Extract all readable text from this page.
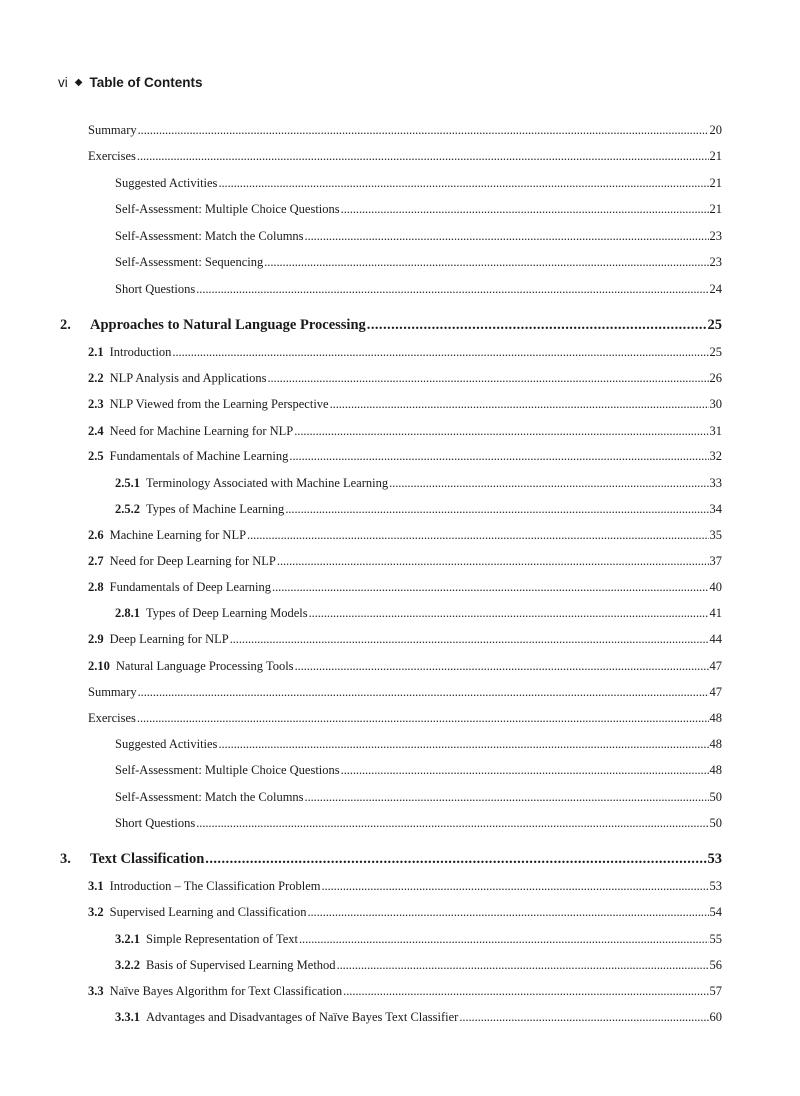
vi ◆ Table of Contents
Summary . . .	20
Exercises . . .	21
Suggested Activities . . .	21
Self-Assessment: Multiple Choice Questions . . .	21
Self-Assessment: Match the Columns . . .	23
Self-Assessment: Sequencing . . .	23
Short Questions . . .	24
2. Approaches to Natural Language Processing . . .	25
2.1 Introduction . . .	25
2.2 NLP Analysis and Applications . . .	26
2.3 NLP Viewed from the Learning Perspective . . .	30
2.4 Need for Machine Learning for NLP . . .	31
2.5 Fundamentals of Machine Learning . . .	32
2.5.1 Terminology Associated with Machine Learning . . .	33
2.5.2 Types of Machine Learning . . .	34
2.6 Machine Learning for NLP . . .	35
2.7 Need for Deep Learning for NLP . . .	37
2.8 Fundamentals of Deep Learning . . .	40
2.8.1 Types of Deep Learning Models . . .	41
2.9 Deep Learning for NLP . . .	44
2.10 Natural Language Processing Tools . . .	47
Summary . . .	47
Exercises . . .	48
Suggested Activities . . .	48
Self-Assessment: Multiple Choice Questions . . .	48
Self-Assessment: Match the Columns . . .	50
Short Questions . . .	50
3. Text Classification . . .	53
3.1 Introduction – The Classification Problem . . .	53
3.2 Supervised Learning and Classification . . .	54
3.2.1 Simple Representation of Text . . .	55
3.2.2 Basis of Supervised Learning Method . . .	56
3.3 Naïve Bayes Algorithm for Text Classification . . .	57
3.3.1 Advantages and Disadvantages of Naïve Bayes Text Classifier . . .	60
